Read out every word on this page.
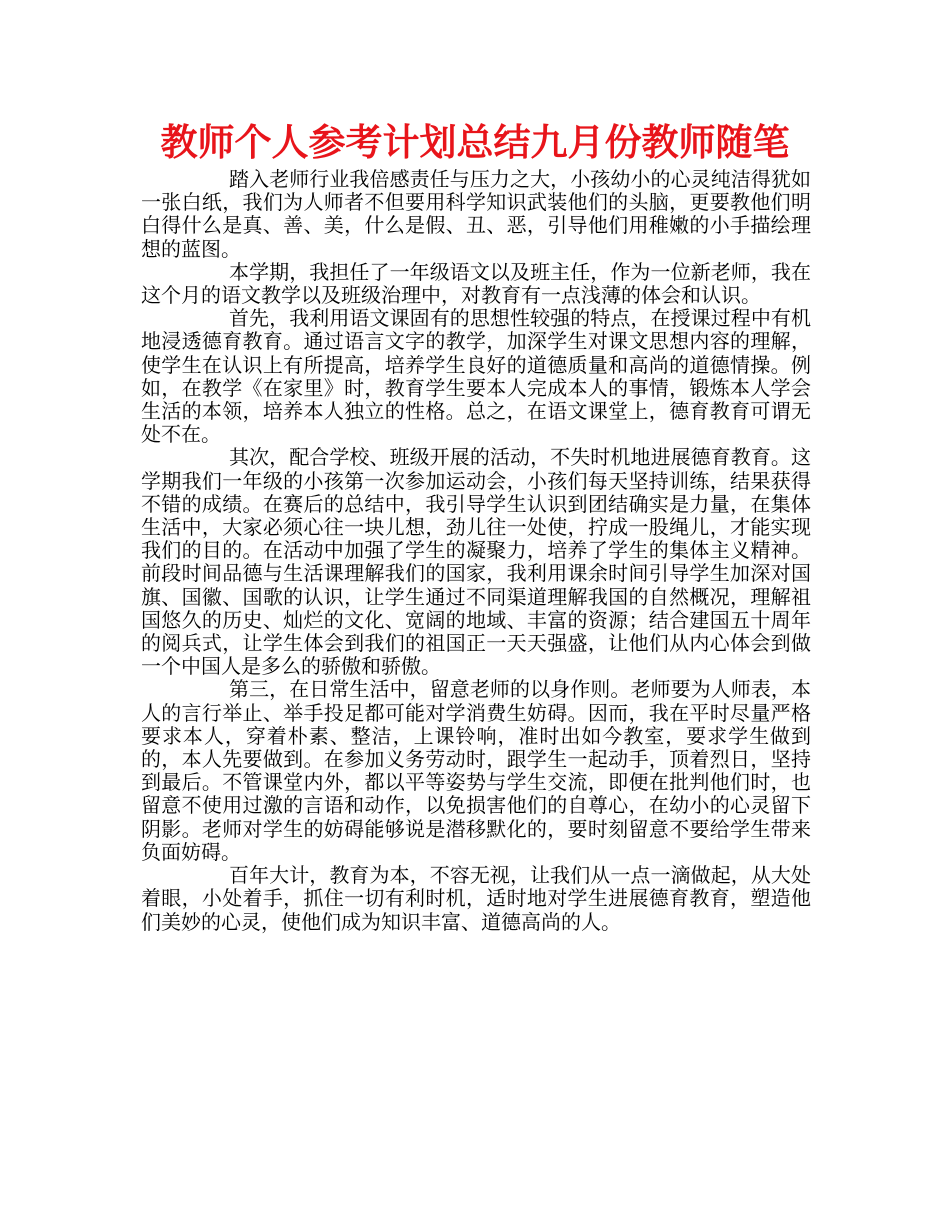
教师个人参考计划总结九月份教师随笔

踏入老师行业我倍感责任与压力之大，小孩幼小的心灵纯洁得犹如一张白纸，我们为人师者不但要用科学知识武装他们的头脑，更要教他们明白得什么是真、善、美，什么是假、丑、恶，引导他们用稚嫩的小手描绘理想的蓝图。

本学期，我担任了一年级语文以及班主任，作为一位新老师，我在这个月的语文教学以及班级治理中，对教育有一点浅薄的体会和认识。

首先，我利用语文课固有的思想性较强的特点，在授课过程中有机地浸透德育教育。通过语言文字的教学，加深学生对课文思想内容的理解，使学生在认识上有所提高，培养学生良好的道德质量和高尚的道德情操。例如，在教学《在家里》时，教育学生要本人完成本人的事情，锻炼本人学会生活的本领，培养本人独立的性格。总之，在语文课堂上，德育教育可谓无处不在。

其次，配合学校、班级开展的活动，不失时机地进展德育教育。这学期我们一年级的小孩第一次参加运动会，小孩们每天坚持训练，结果获得不错的成绩。在赛后的总结中，我引导学生认识到团结确实是力量，在集体生活中，大家必须心往一块儿想，劲儿往一处使，拧成一股绳儿，才能实现我们的目的。在活动中加强了学生的凝聚力，培养了学生的集体主义精神。前段时间品德与生活课理解我们的国家，我利用课余时间引导学生加深对国旗、国徽、国歌的认识，让学生通过不同渠道理解我国的自然概况，理解祖国悠久的历史、灿烂的文化、宽阔的地域、丰富的资源；结合建国五十周年的阅兵式，让学生体会到我们的祖国正一天天强盛，让他们从内心体会到做一个中国人是多么的骄傲和骄傲。

第三，在日常生活中，留意老师的以身作则。老师要为人师表，本人的言行举止、举手投足都可能对学消费生妨碍。因而，我在平时尽量严格要求本人，穿着朴素、整洁，上课铃响，准时出如今教室，要求学生做到的，本人先要做到。在参加义务劳动时，跟学生一起动手，顶着烈日，坚持到最后。不管课堂内外，都以平等姿势与学生交流，即便在批判他们时，也留意不使用过激的言语和动作，以免损害他们的自尊心，在幼小的心灵留下阴影。老师对学生的妨碍能够说是潜移默化的，要时刻留意不要给学生带来负面妨碍。

百年大计，教育为本，不容无视，让我们从一点一滴做起，从大处着眼，小处着手，抓住一切有利时机，适时地对学生进展德育教育，塑造他们美妙的心灵，使他们成为知识丰富、道德高尚的人。
